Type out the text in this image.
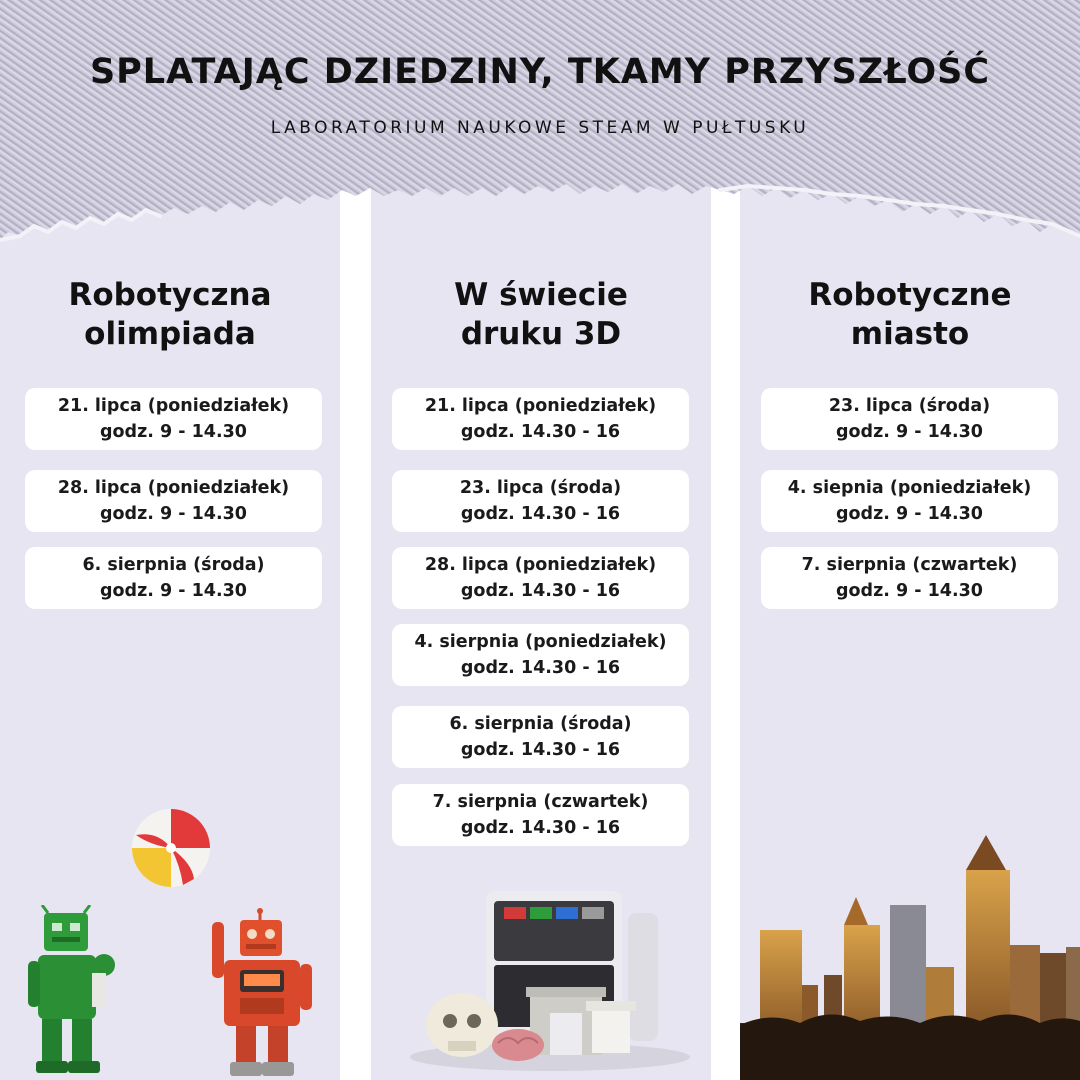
SPLATAJĄC DZIEDZINY, TKAMY PRZYSZŁOŚĆ

LABORATORIUM NAUKOWE STEAM W PUŁTUSKU

Robotyczna
olimpiada
21. lipca (poniedziałek)
godz. 9 - 14.30
28. lipca (poniedziałek)
godz. 9 - 14.30
6. sierpnia (środa)
godz. 9 - 14.30
W świecie
druku 3D
21. lipca (poniedziałek)
godz. 14.30 - 16
23. lipca (środa)
godz. 14.30 - 16
28. lipca (poniedziałek)
godz. 14.30 - 16
4. sierpnia (poniedziałek)
godz. 14.30 - 16
6. sierpnia (środa)
godz. 14.30 - 16
7. sierpnia (czwartek)
godz. 14.30 - 16
Robotyczne
miasto
23. lipca (środa)
godz. 9 - 14.30
4. siepnia (poniedziałek)
godz. 9 - 14.30
7. sierpnia (czwartek)
godz. 9 - 14.30
